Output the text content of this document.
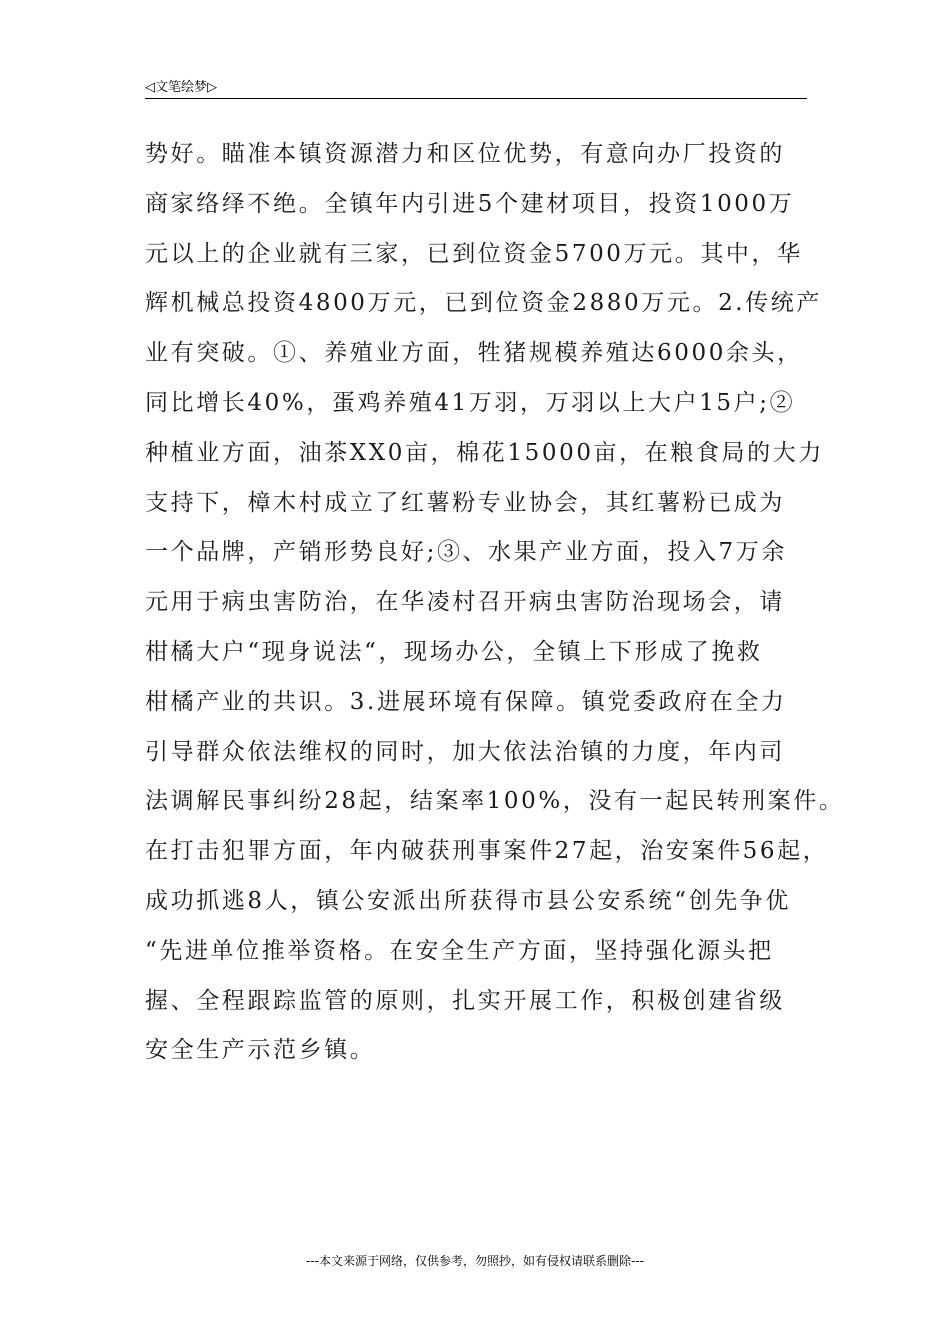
◁文笔绘梦▷
势好。瞄准本镇资源潜力和区位优势，有意向办厂投资的
商家络绎不绝。全镇年内引进5个建材项目，投资1000万
元以上的企业就有三家，已到位资金5700万元。其中，华
辉机械总投资4800万元，已到位资金2880万元。2.传统产
业有突破。①、养殖业方面，牲猪规模养殖达6000余头，
同比增长40%，蛋鸡养殖41万羽，万羽以上大户15户;②
种植业方面，油茶XX0亩，棉花15000亩，在粮食局的大力
支持下，樟木村成立了红薯粉专业协会，其红薯粉已成为
一个品牌，产销形势良好;③、水果产业方面，投入7万余
元用于病虫害防治，在华凌村召开病虫害防治现场会，请
柑橘大户“现身说法“，现场办公，全镇上下形成了挽救
柑橘产业的共识。3.进展环境有保障。镇党委政府在全力
引导群众依法维权的同时，加大依法治镇的力度，年内司
法调解民事纠纷28起，结案率100%，没有一起民转刑案件。
在打击犯罪方面，年内破获刑事案件27起，治安案件56起，
成功抓逃8人，镇公安派出所获得市县公安系统“创先争优
“先进单位推举资格。在安全生产方面，坚持强化源头把
握、全程跟踪监管的原则，扎实开展工作，积极创建省级
安全生产示范乡镇。
---本文来源于网络，仅供参考，勿照抄，如有侵权请联系删除---
